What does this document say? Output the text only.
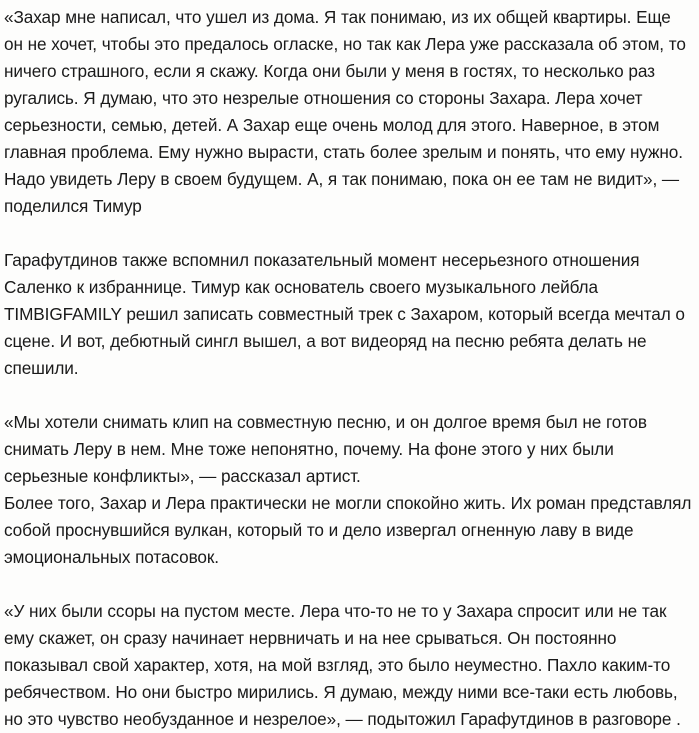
«Захар мне написал, что ушел из дома. Я так понимаю, из их общей квартиры. Еще он не хочет, чтобы это предалось огласке, но так как Лера уже рассказала об этом, то ничего страшного, если я скажу. Когда они были у меня в гостях, то несколько раз ругались. Я думаю, что это незрелые отношения со стороны Захара. Лера хочет серьезности, семью, детей. А Захар еще очень молод для этого. Наверное, в этом главная проблема. Ему нужно вырасти, стать более зрелым и понять, что ему нужно. Надо увидеть Леру в своем будущем. А, я так понимаю, пока он ее там не видит», — поделился Тимур

Гарафутдинов также вспомнил показательный момент несерьезного отношения Саленко к избраннице. Тимур как основатель своего музыкального лейбла TIMBIGFAMILY решил записать совместный трек с Захаром, который всегда мечтал о сцене. И вот, дебютный сингл вышел, а вот видеоряд на песню ребята делать не спешили.

«Мы хотели снимать клип на совместную песню, и он долгое время был не готов снимать Леру в нем. Мне тоже непонятно, почему. На фоне этого у них были серьезные конфликты», — рассказал артист.

Более того, Захар и Лера практически не могли спокойно жить. Их роман представлял собой проснувшийся вулкан, который то и дело извергал огненную лаву в виде эмоциональных потасовок.

«У них были ссоры на пустом месте. Лера что-то не то у Захара спросит или не так ему скажет, он сразу начинает нервничать и на нее срываться. Он постоянно показывал свой характер, хотя, на мой взгляд, это было неуместно. Пахло каким-то ребячеством. Но они быстро мирились. Я думаю, между ними все-таки есть любовь, но это чувство необузданное и незрелое», — подытожил Гарафутдинов в разговоре .
